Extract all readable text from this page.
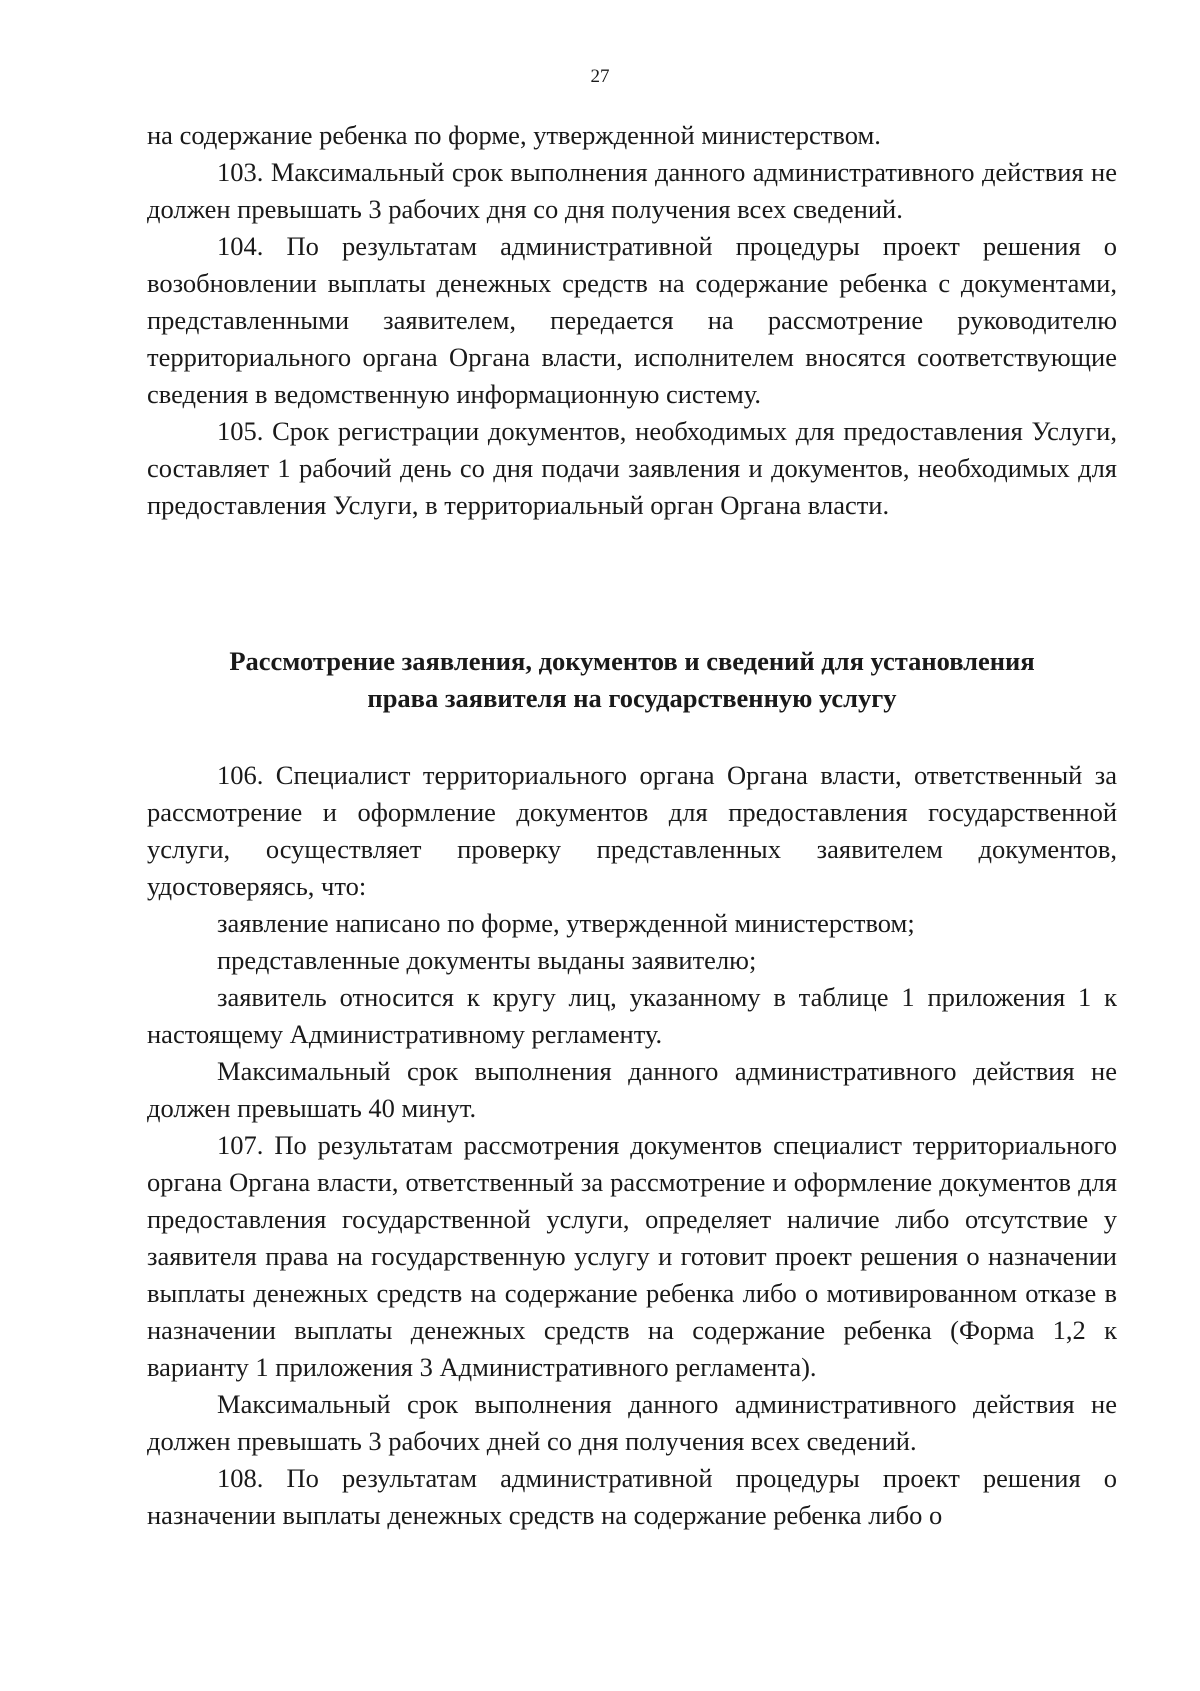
27

на содержание ребенка по форме, утвержденной министерством.

103. Максимальный срок выполнения данного административного действия не должен превышать 3 рабочих дня со дня получения всех сведений.

104. По результатам административной процедуры проект решения о возобновлении выплаты денежных средств на содержание ребенка с документами, представленными заявителем, передается на рассмотрение руководителю территориального органа Органа власти, исполнителем вносятся соответствующие сведения в ведомственную информационную систему.

105. Срок регистрации документов, необходимых для предоставления Услуги, составляет 1 рабочий день со дня подачи заявления и документов, необходимых для предоставления Услуги, в территориальный орган Органа власти.

Рассмотрение заявления, документов и сведений для установления
права заявителя на государственную услугу

106. Специалист территориального органа Органа власти, ответственный за рассмотрение и оформление документов для предоставления государственной услуги, осуществляет проверку представленных заявителем документов, удостоверяясь, что:

заявление написано по форме, утвержденной министерством;

представленные документы выданы заявителю;

заявитель относится к кругу лиц, указанному в таблице 1 приложения 1 к настоящему Административному регламенту.

Максимальный срок выполнения данного административного действия не должен превышать 40 минут.

107. По результатам рассмотрения документов специалист территориального органа Органа власти, ответственный за рассмотрение и оформление документов для предоставления государственной услуги, определяет наличие либо отсутствие у заявителя права на государственную услугу и готовит проект решения о назначении выплаты денежных средств на содержание ребенка либо о мотивированном отказе в назначении выплаты денежных средств на содержание ребенка (Форма 1,2 к варианту 1 приложения 3 Административного регламента).

Максимальный срок выполнения данного административного действия не должен превышать 3 рабочих дней со дня получения всех сведений.

108. По результатам административной процедуры проект решения о назначении выплаты денежных средств на содержание ребенка либо о
